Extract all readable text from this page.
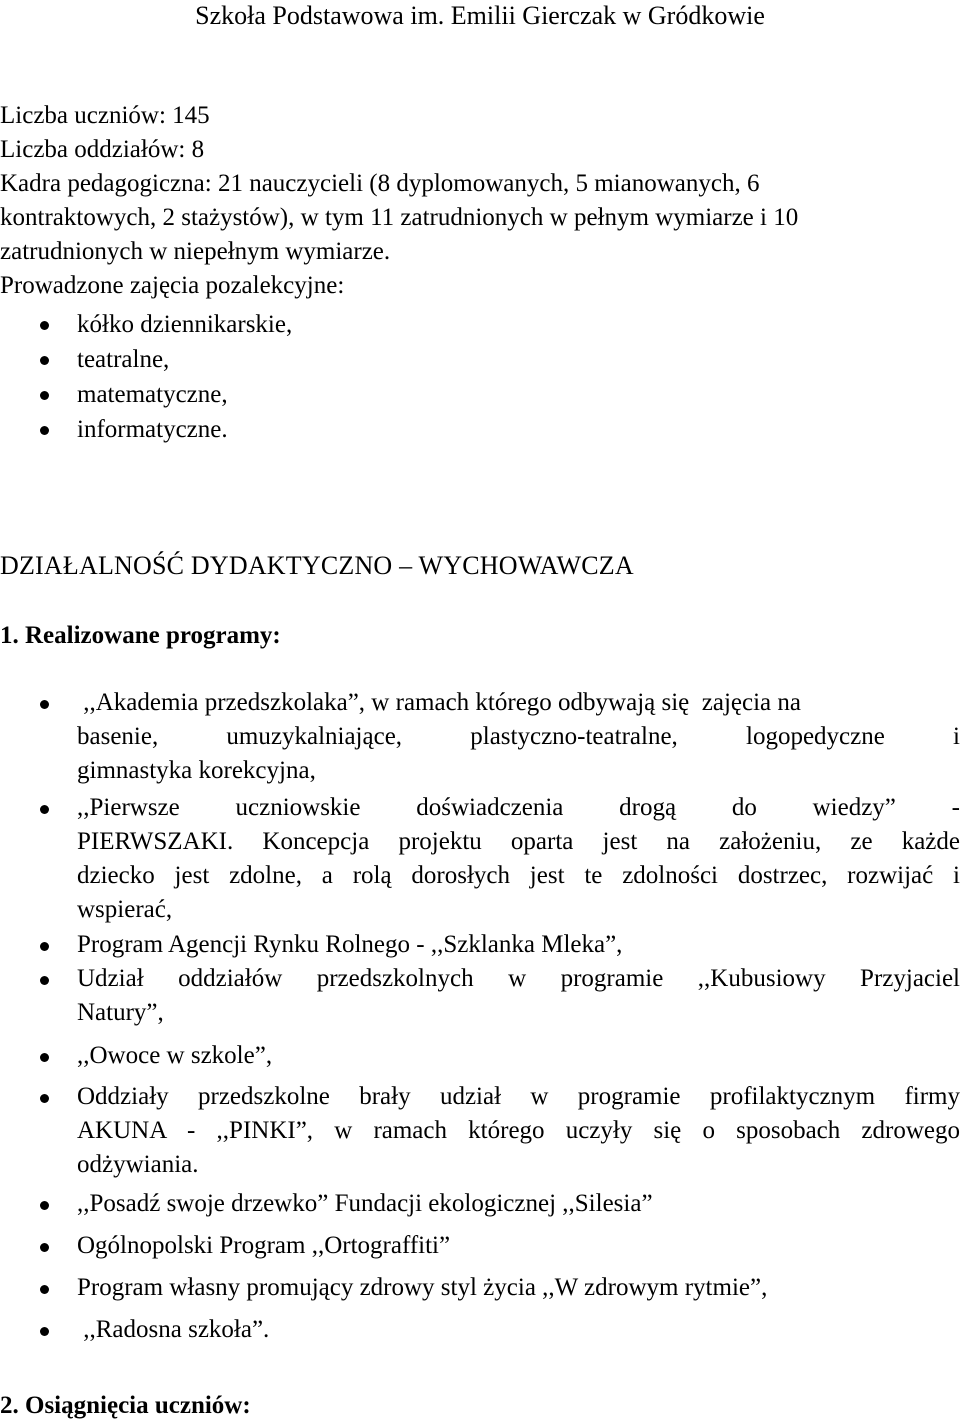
Szkoła Podstawowa im. Emilii Gierczak w Gródkowie
Liczba uczniów: 145
Liczba oddziałów: 8
Kadra pedagogiczna: 21 nauczycieli (8 dyplomowanych, 5 mianowanych, 6
kontraktowych, 2 stażystów), w tym 11 zatrudnionych w pełnym wymiarze i 10
zatrudnionych w niepełnym wymiarze.
Prowadzone zajęcia pozalekcyjne:
kółko dziennikarskie,
teatralne,
matematyczne,
informatyczne.
DZIAŁALNOŚĆ DYDAKTYCZNO – WYCHOWAWCZA
1. Realizowane programy:
,,Akademia przedszkolaka”, w ramach którego odbywają się  zajęcia na
basenie, umuzykalniające, plastyczno-teatralne, logopedyczne i
gimnastyka korekcyjna,
,,Pierwsze uczniowskie doświadczenia drogą do wiedzy” -
PIERWSZAKI. Koncepcja projektu oparta jest na założeniu, ze każde
dziecko jest zdolne, a rolą dorosłych jest te zdolności dostrzec, rozwijać i
wspierać,
Program Agencji Rynku Rolnego - ,,Szklanka Mleka”,
Udział oddziałów przedszkolnych w programie ,,Kubusiowy Przyjaciel
Natury”,
,,Owoce w szkole”,
Oddziały przedszkolne brały udział w programie profilaktycznym firmy
AKUNA - ,,PINKI”, w ramach którego uczyły się o sposobach zdrowego
odżywiania.
,,Posadź swoje drzewko” Fundacji ekologicznej ,,Silesia”
Ogólnopolski Program ,,Ortograffiti”
Program własny promujący zdrowy styl życia ,,W zdrowym rytmie”,
,,Radosna szkoła”.
2. Osiągnięcia uczniów:
